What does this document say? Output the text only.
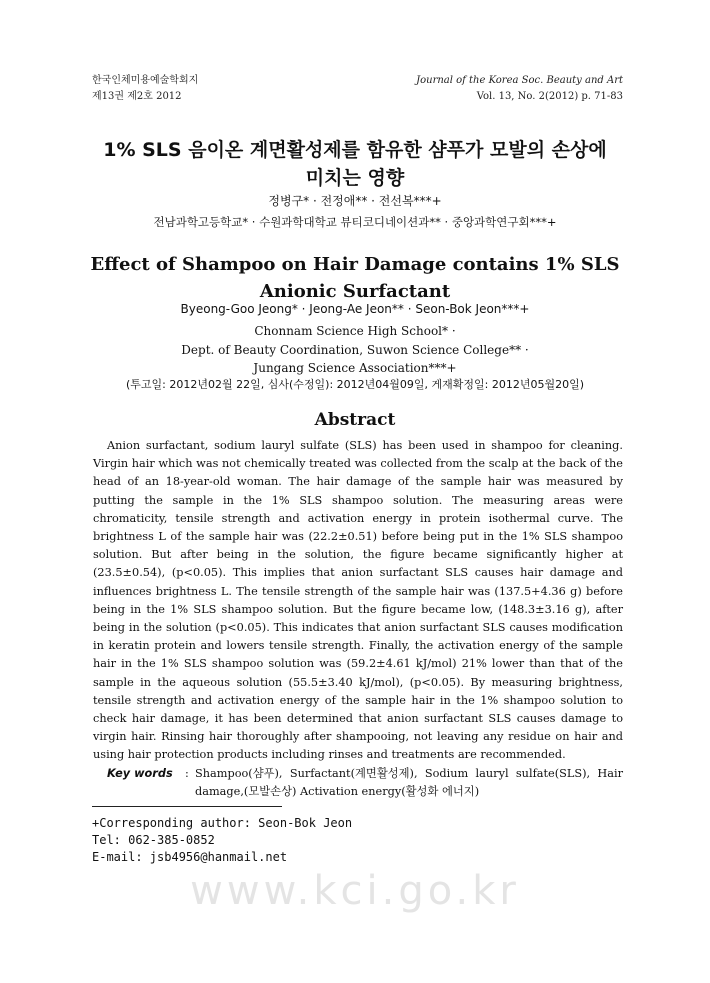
한국인체미용예술학회지
제13권 제2호 2012
Journal of the Korea Soc. Beauty and Art
Vol. 13, No. 2(2012) p. 71-83
1% SLS 음이온 계면활성제를 함유한 샴푸가 모발의 손상에
미치는 영향
정병구* · 전정애** · 전선복***+
전남과학고등학교* · 수원과학대학교 뷰티코디네이션과** · 중앙과학연구회***+
Effect of Shampoo on Hair Damage contains 1% SLS
Anionic Surfactant
Byeong-Goo Jeong* · Jeong-Ae Jeon** · Seon-Bok Jeon***+
Chonnam Science High School* ·
Dept. of Beauty Coordination, Suwon Science College** ·
Jungang Science Association***+
(투고일: 2012년02월 22일, 심사(수정일): 2012년04월09일, 게재확정일: 2012년05월20일)
Abstract

Anion surfactant, sodium lauryl sulfate (SLS) has been used in shampoo for cleaning. Virgin hair which was not chemically treated was collected from the scalp at the back of the head of an 18-year-old woman. The hair damage of the sample hair was measured by putting the sample in the 1% SLS shampoo solution. The measuring areas were chromaticity, tensile strength and activation energy in protein isothermal curve. The brightness L of the sample hair was (22.2±0.51) before being put in the 1% SLS shampoo solution. But after being in the solution, the figure became significantly higher at (23.5±0.54), (p<0.05). This implies that anion surfactant SLS causes hair damage and influences brightness L. The tensile strength of the sample hair was (137.5+4.36 g) before being in the 1% SLS shampoo solution. But the figure became low, (148.3±3.16 g), after being in the solution (p<0.05). This indicates that anion surfactant SLS causes modification in keratin protein and lowers tensile strength. Finally, the activation energy of the sample hair in the 1% SLS shampoo solution was (59.2±4.61 kJ/mol) 21% lower than that of the sample in the aqueous solution (55.5±3.40 kJ/mol), (p<0.05). By measuring brightness, tensile strength and activation energy of the sample hair in the 1% shampoo solution to check hair damage, it has been determined that anion surfactant SLS causes damage to virgin hair. Rinsing hair thoroughly after shampooing, not leaving any residue on hair and using hair protection products including rinses and treatments are recommended.

Key words : Shampoo(샴푸), Surfactant(계면활성제), Sodium lauryl sulfate(SLS), Hair damage,(모발손상) Activation energy(활성화 에너지)
+Corresponding author: Seon-Bok Jeon
Tel: 062-385-0852
E-mail: jsb4956@hanmail.net
www.kci.go.kr
